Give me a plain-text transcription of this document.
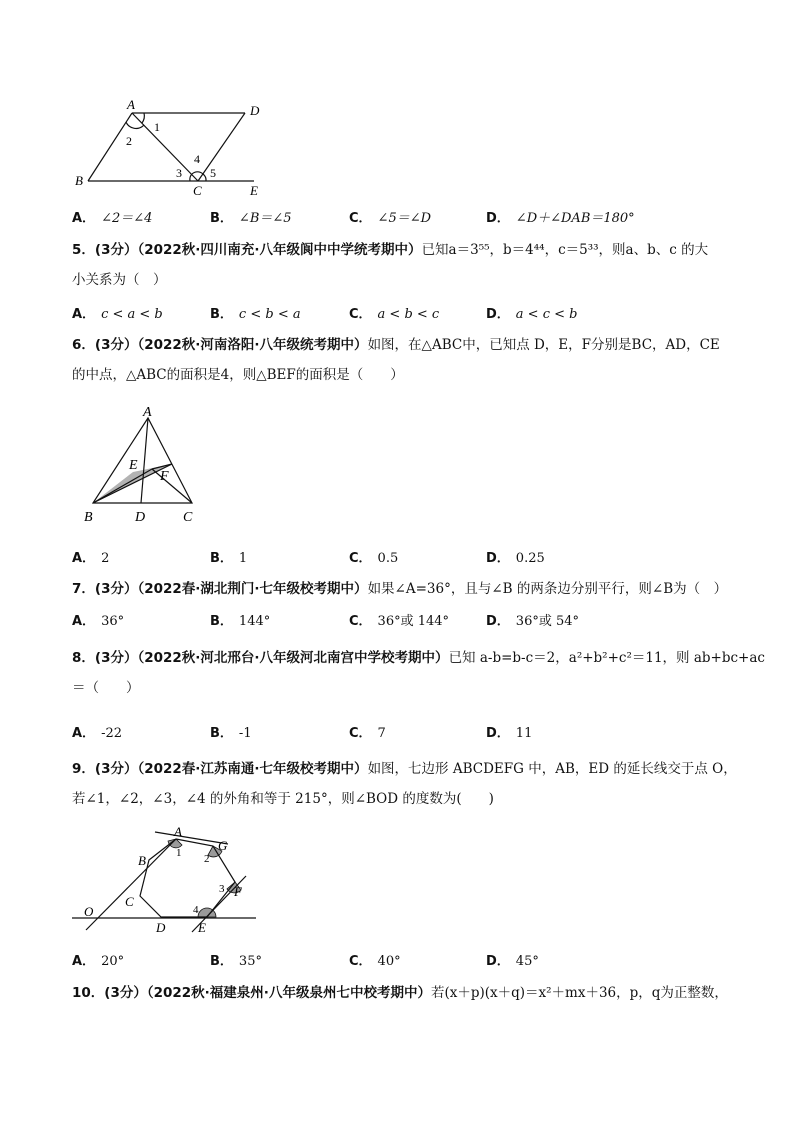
A	D
B
C	E
1
2
3
4
5
A． ∠2＝∠4	B． ∠B＝∠5	C． ∠5＝∠D	D． ∠D＋∠DAB＝180°
5．(3分）（2022秋·四川南充·八年级阆中中学统考期中）已知a＝3⁵⁵，b＝4⁴⁴，c＝5³³，则a、b、c 的大
小关系为（　）
A． c < a < b	B． c < b < a	C． a < b < c	D． a < c < b
6．(3分）（2022秋·河南洛阳·八年级统考期中）如图，在△ABC中，已知点 D，E，F分别是BC，AD，CE
的中点，△ABC的面积是4，则△BEF的面积是（　　）
A
B	D	C
E
F
A． 2	B． 1	C． 0.5	D． 0.25
7．(3分）（2022春·湖北荆门·七年级校考期中）如果∠A=36°，且与∠B 的两条边分别平行，则∠B为（　）
A． 36°	B． 144°	C． 36°或 144°	D． 36°或 54°
8．(3分）（2022秋·河北邢台·八年级河北南宫中学校考期中）已知 a-b=b-c＝2，a²+b²+c²＝11，则 ab+bc+ac
＝（　　）
A． -22	B． -1	C． 7	D． 11
9．(3分）（2022春·江苏南通·七年级校考期中）如图，七边形 ABCDEFG 中，AB，ED 的延长线交于点 O，
若∠1，∠2，∠3，∠4 的外角和等于 215°，则∠BOD 的度数为(　　)
A
G
B
C
D	E
F
O
1 2
3
4
A． 20°	B． 35°	C． 40°	D． 45°
10．(3分）（2022秋·福建泉州·八年级泉州七中校考期中）若(x＋p)(x＋q)＝x²＋mx＋36，p，q为正整数，
